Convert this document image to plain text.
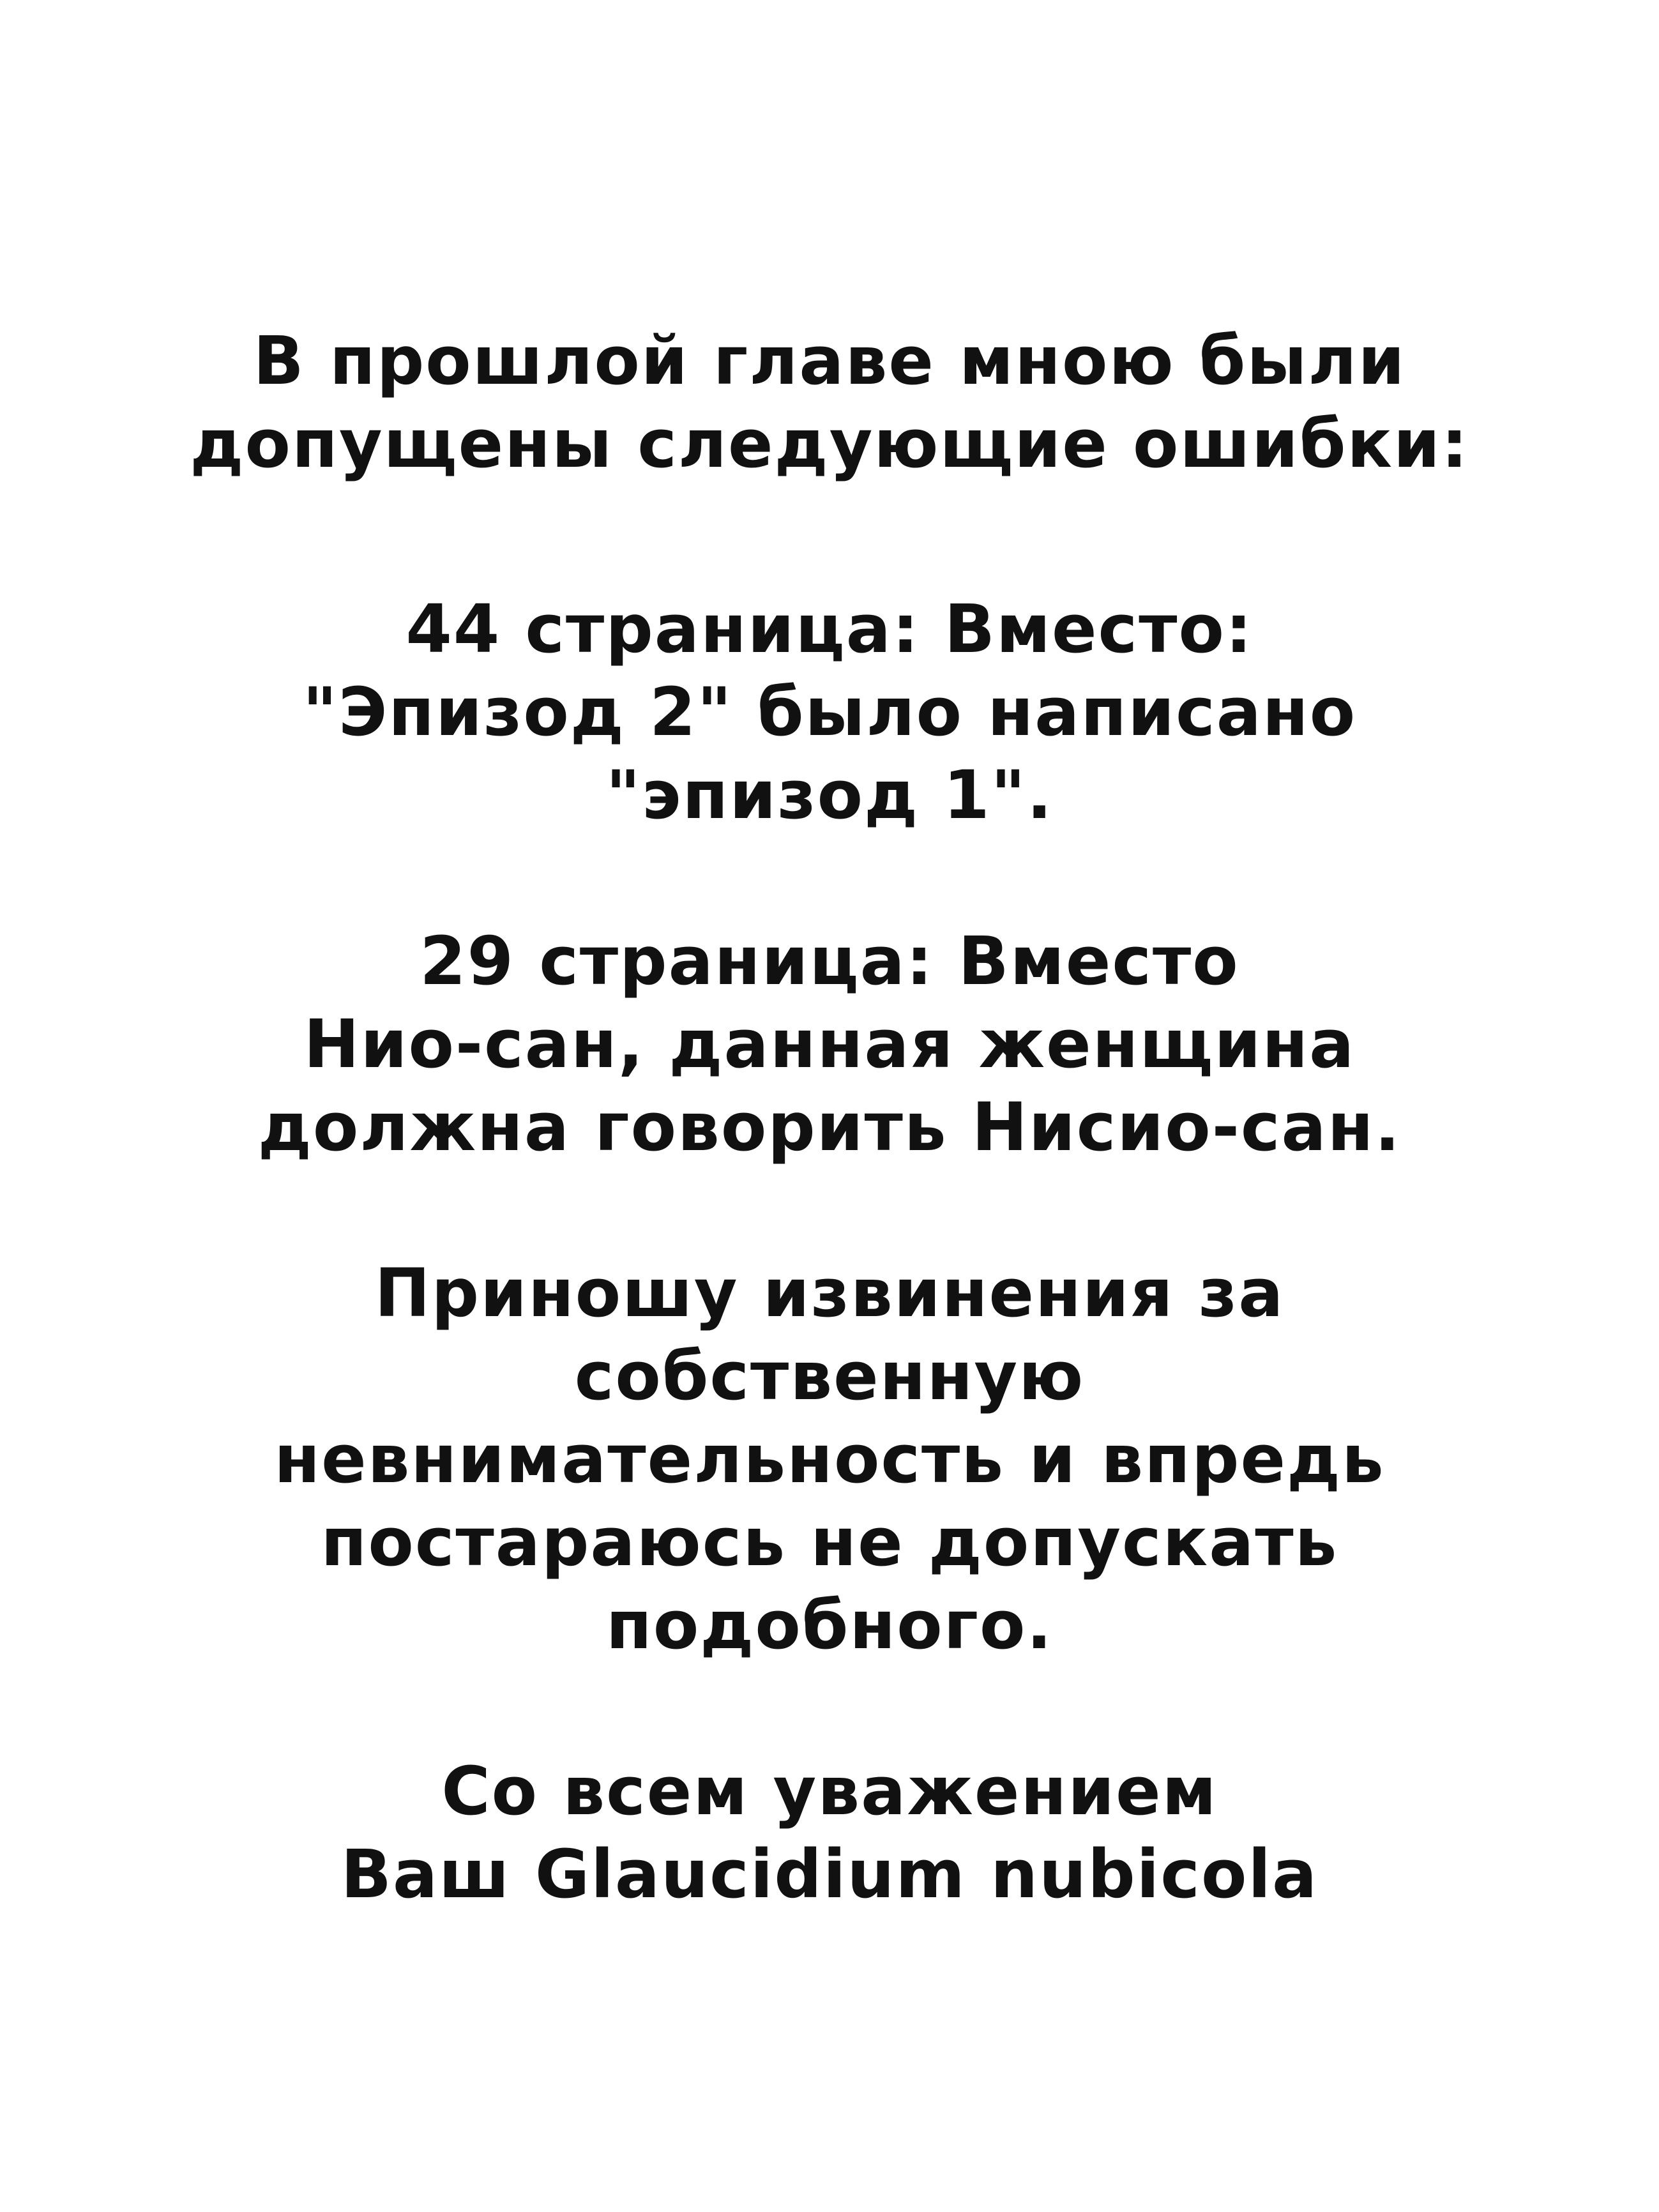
В прошлой главе мною были
допущены следующие ошибки:
44 страница: Вместо:
"Эпизод 2" было написано
"эпизод 1".
29 страница: Вместо
Нио-сан, данная женщина
должна говорить Нисио-сан.
Приношу извинения за
собственную
невнимательность и впредь
постараюсь не допускать
подобного.
Со всем уважением
Ваш Glaucidium nubicola
